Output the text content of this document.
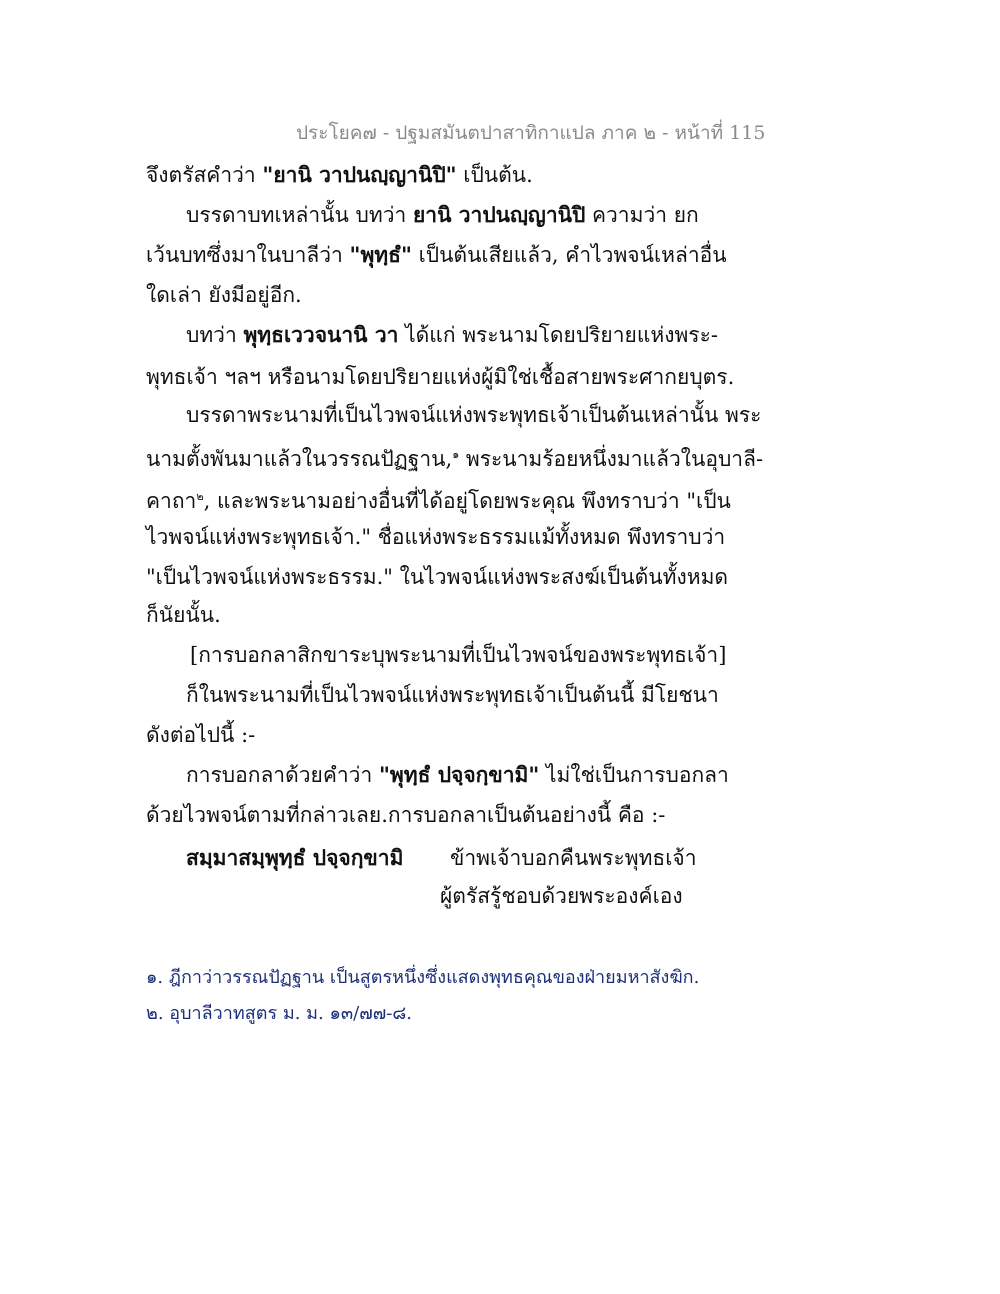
ประโยค๗ - ปฐมสมันตปาสาทิกาแปล ภาค ๒ - หน้าที่ 115
จึงตรัสคำว่า "ยานิ วาปนญฺญานิปิ" เป็นต้น.
บรรดาบทเหล่านั้น บทว่า ยานิ วาปนญฺญานิปิ ความว่า ยก
เว้นบทซึ่งมาในบาลีว่า "พุทฺธํ" เป็นต้นเสียแล้ว, คำไวพจน์เหล่าอื่น
ใดเล่า ยังมีอยู่อีก.
บทว่า พุทฺธเววจนานิ วา ได้แก่ พระนามโดยปริยายแห่งพระ-
พุทธเจ้า ฯลฯ หรือนามโดยปริยายแห่งผู้มิใช่เชื้อสายพระศากยบุตร.
บรรดาพระนามที่เป็นไวพจน์แห่งพระพุทธเจ้าเป็นต้นเหล่านั้น พระ
นามตั้งพันมาแล้วในวรรณปัฏฐาน,$^๑$ พระนามร้อยหนึ่งมาแล้วในอุบาลี-
คาถา$^๒$, และพระนามอย่างอื่นที่ได้อยู่โดยพระคุณ พึงทราบว่า "เป็น
ไวพจน์แห่งพระพุทธเจ้า." ชื่อแห่งพระธรรมแม้ทั้งหมด พึงทราบว่า
"เป็นไวพจน์แห่งพระธรรม." ในไวพจน์แห่งพระสงฆ์เป็นต้นทั้งหมด
ก็นัยนั้น.
[การบอกลาสิกขาระบุพระนามที่เป็นไวพจน์ของพระพุทธเจ้า]
ก็ในพระนามที่เป็นไวพจน์แห่งพระพุทธเจ้าเป็นต้นนี้ มีโยชนา
ดังต่อไปนี้ :-
การบอกลาด้วยคำว่า "พุทฺธํ ปจฺจกฺขามิ" ไม่ใช่เป็นการบอกลา
ด้วยไวพจน์ตามที่กล่าวเลย.การบอกลาเป็นต้นอย่างนี้ คือ :-
สมฺมาสมฺพุทฺธํ ปจฺจกฺขามิ ข้าพเจ้าบอกคืนพระพุทธเจ้า
ผู้ตรัสรู้ชอบด้วยพระองค์เอง
๑. ฎีกาว่าวรรณปัฏฐาน เป็นสูตรหนึ่งซึ่งแสดงพุทธคุณของฝ่ายมหาสังฆิก.
๒. อุบาลีวาทสูตร ม. ม. ๑๓/๗๗-๘.
